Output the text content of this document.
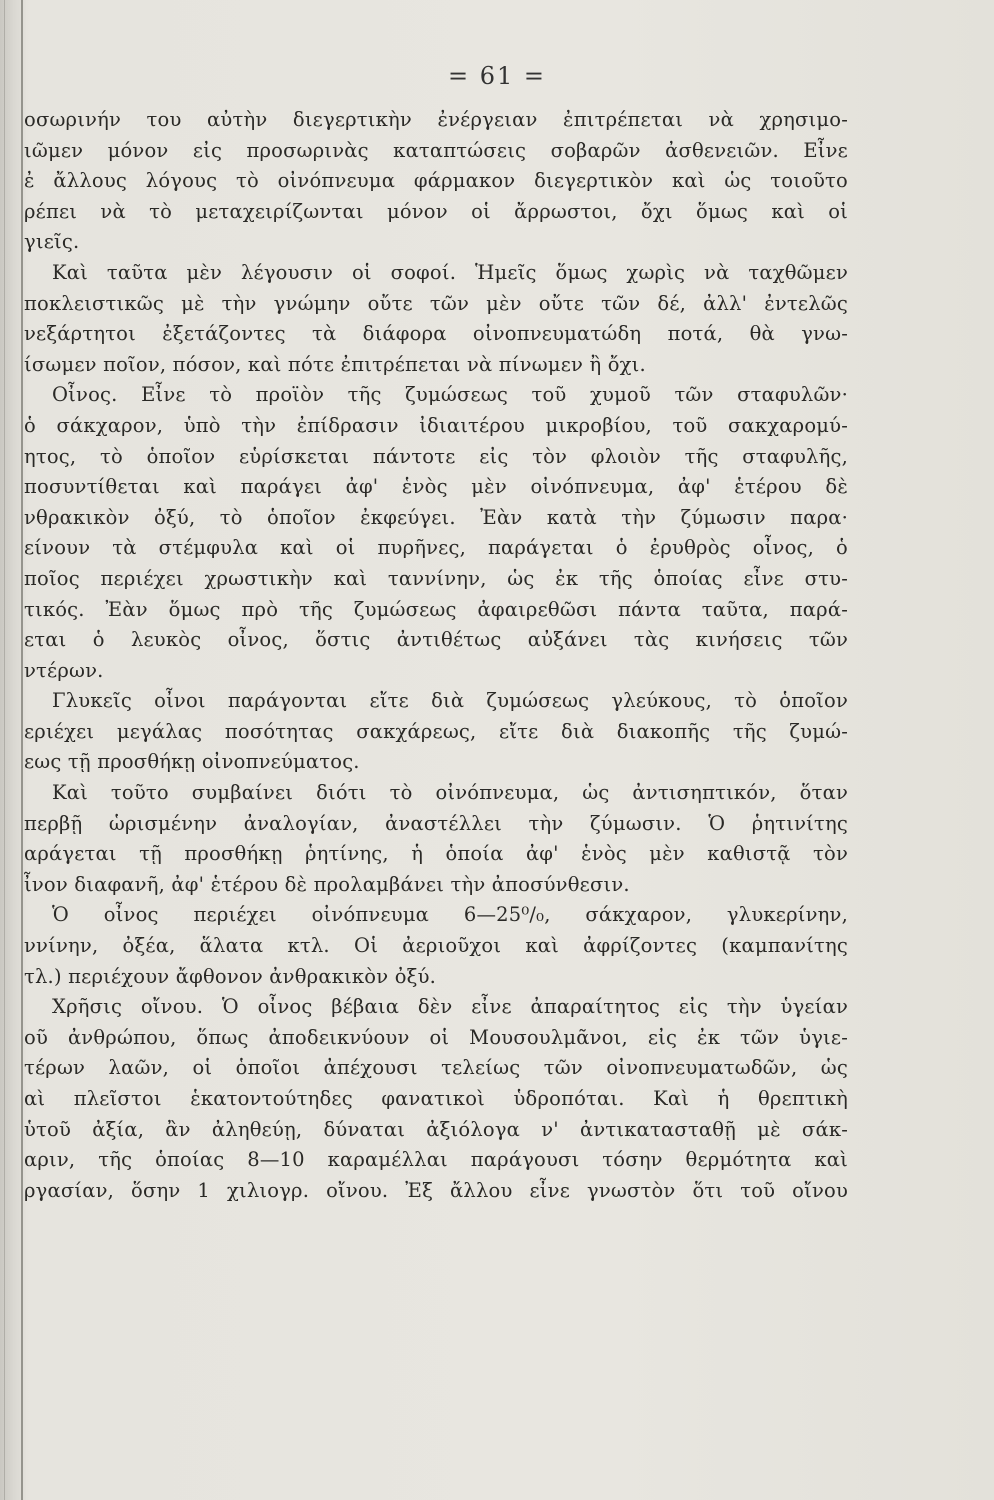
= 61 =
οσωρινήν του αὐτὴν διεγερτικὴν ἐνέργειαν ἐπιτρέπεται νὰ χρησιμο-
ιῶμεν μόνον εἰς προσωρινὰς καταπτώσεις σοβαρῶν ἀσθενειῶν. Εἶνε
ἐ ἄλλους λόγους τὸ οἰνόπνευμα φάρμακον διεγερτικὸν καὶ ὡς τοιοῦτο
ρέπει νὰ τὸ μεταχειρίζωνται μόνον οἱ ἄρρωστοι, ὄχι ὅμως καὶ οἱ
γιεῖς.
Καὶ ταῦτα μὲν λέγουσιν οἱ σοφοί. Ἡμεῖς ὅμως χωρὶς νὰ ταχθῶμεν
ποκλειστικῶς μὲ τὴν γνώμην οὔτε τῶν μὲν οὔτε τῶν δέ, ἀλλ' ἐντελῶς
νεξάρτητοι ἐξετάζοντες τὰ διάφορα οἰνοπνευματώδη ποτά, θὰ γνω-
ίσωμεν ποῖον, πόσον, καὶ πότε ἐπιτρέπεται νὰ πίνωμεν ἢ ὄχι.
Οἶνος. Εἶνε τὸ προϊὸν τῆς ζυμώσεως τοῦ χυμοῦ τῶν σταφυλῶν·
ὁ σάκχαρον, ὑπὸ τὴν ἐπίδρασιν ἰδιαιτέρου μικροβίου, τοῦ σακχαρομύ-
ητος, τὸ ὁποῖον εὑρίσκεται πάντοτε εἰς τὸν φλοιὸν τῆς σταφυλῆς,
ποσυντίθεται καὶ παράγει ἀφ' ἑνὸς μὲν οἰνόπνευμα, ἀφ' ἑτέρου δὲ
νθρακικὸν ὀξύ, τὸ ὁποῖον ἐκφεύγει. Ἐὰν κατὰ τὴν ζύμωσιν παρα·
είνουν τὰ στέμφυλα καὶ οἱ πυρῆνες, παράγεται ὁ ἐρυθρὸς οἶνος, ὁ
ποῖος περιέχει χρωστικὴν καὶ ταννίνην, ὡς ἐκ τῆς ὁποίας εἶνε στυ-
τικός. Ἐὰν ὅμως πρὸ τῆς ζυμώσεως ἀφαιρεθῶσι πάντα ταῦτα, παρά-
εται ὁ λευκὸς οἶνος, ὅστις ἀντιθέτως αὐξάνει τὰς κινήσεις τῶν
ντέρων.
Γλυκεῖς οἶνοι παράγονται εἴτε διὰ ζυμώσεως γλεύκους, τὸ ὁποῖον
εριέχει μεγάλας ποσότητας σακχάρεως, εἴτε διὰ διακοπῆς τῆς ζυμώ-
εως τῇ προσθήκῃ οἰνοπνεύματος.
Καὶ τοῦτο συμβαίνει διότι τὸ οἰνόπνευμα, ὡς ἀντισηπτικόν, ὅταν
περβῇ ὡρισμένην ἀναλογίαν, ἀναστέλλει τὴν ζύμωσιν. Ὁ ῥητινίτης
αράγεται τῇ προσθήκῃ ῥητίνης, ἡ ὁποία ἀφ' ἑνὸς μὲν καθιστᾷ τὸν
ἶνον διαφανῆ, ἀφ' ἑτέρου δὲ προλαμβάνει τὴν ἀποσύνθεσιν.
Ὁ οἶνος περιέχει οἰνόπνευμα 6—25⁰/₀, σάκχαρον, γλυκερίνην,
ννίνην, ὀξέα, ἅλατα κτλ. Οἱ ἀεριοῦχοι καὶ ἀφρίζοντες (καμπανίτης
τλ.) περιέχουν ἄφθονον ἀνθρακικὸν ὀξύ.
Χρῆσις οἴνου. Ὁ οἶνος βέβαια δὲν εἶνε ἀπαραίτητος εἰς τὴν ὑγείαν
οῦ ἀνθρώπου, ὅπως ἀποδεικνύουν οἱ Μουσουλμᾶνοι, εἰς ἐκ τῶν ὑγιε-
τέρων λαῶν, οἱ ὁποῖοι ἀπέχουσι τελείως τῶν οἰνοπνευματωδῶν, ὡς
αὶ πλεῖστοι ἑκατοντούτηδες φανατικοὶ ὑδροπόται. Καὶ ἡ θρεπτικὴ
ὑτοῦ ἀξία, ἂν ἀληθεύῃ, δύναται ἀξιόλογα ν' ἀντικατασταθῇ μὲ σάκ-
αριν, τῆς ὁποίας 8—10 καραμέλλαι παράγουσι τόσην θερμότητα καὶ
ργασίαν, ὅσην 1 χιλιογρ. οἴνου. Ἐξ ἄλλου εἶνε γνωστὸν ὅτι τοῦ οἴνου
